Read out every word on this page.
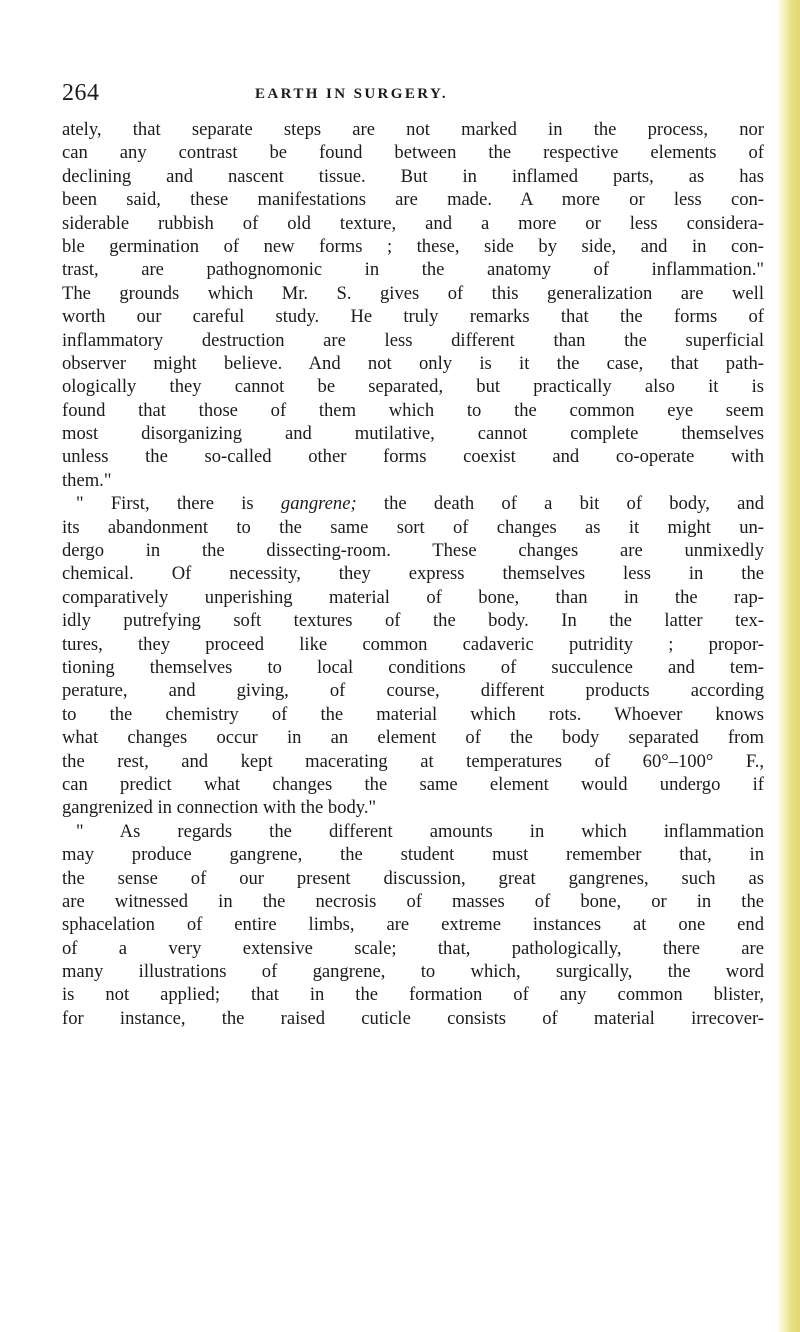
264	EARTH IN SURGERY.
ately, that separate steps are not marked in the process, nor
can any contrast be found between the respective elements of
declining and nascent tissue. But in inflamed parts, as has
been said, these manifestations are made. A more or less con-
siderable rubbish of old texture, and a more or less considera-
ble germination of new forms ; these, side by side, and in con-
trast, are pathognomonic in the anatomy of inflammation."
The grounds which Mr. S. gives of this generalization are well
worth our careful study. He truly remarks that the forms of
inflammatory destruction are less different than the superficial
observer might believe. And not only is it the case, that path-
ologically they cannot be separated, but practically also it is
found that those of them which to the common eye seem
most disorganizing and mutilative, cannot complete themselves
unless the so-called other forms coexist and co-operate with
them."
" First, there is gangrene; the death of a bit of body, and
its abandonment to the same sort of changes as it might un-
dergo in the dissecting-room. These changes are unmixedly
chemical. Of necessity, they express themselves less in the
comparatively unperishing material of bone, than in the rap-
idly putrefying soft textures of the body. In the latter tex-
tures, they proceed like common cadaveric putridity ; propor-
tioning themselves to local conditions of succulence and tem-
perature, and giving, of course, different products according
to the chemistry of the material which rots. Whoever knows
what changes occur in an element of the body separated from
the rest, and kept macerating at temperatures of 60°–100° F.,
can predict what changes the same element would undergo if
gangrenized in connection with the body."
" As regards the different amounts in which inflammation
may produce gangrene, the student must remember that, in
the sense of our present discussion, great gangrenes, such as
are witnessed in the necrosis of masses of bone, or in the
sphacelation of entire limbs, are extreme instances at one end
of a very extensive scale; that, pathologically, there are
many illustrations of gangrene, to which, surgically, the word
is not applied; that in the formation of any common blister,
for instance, the raised cuticle consists of material irrecover-
